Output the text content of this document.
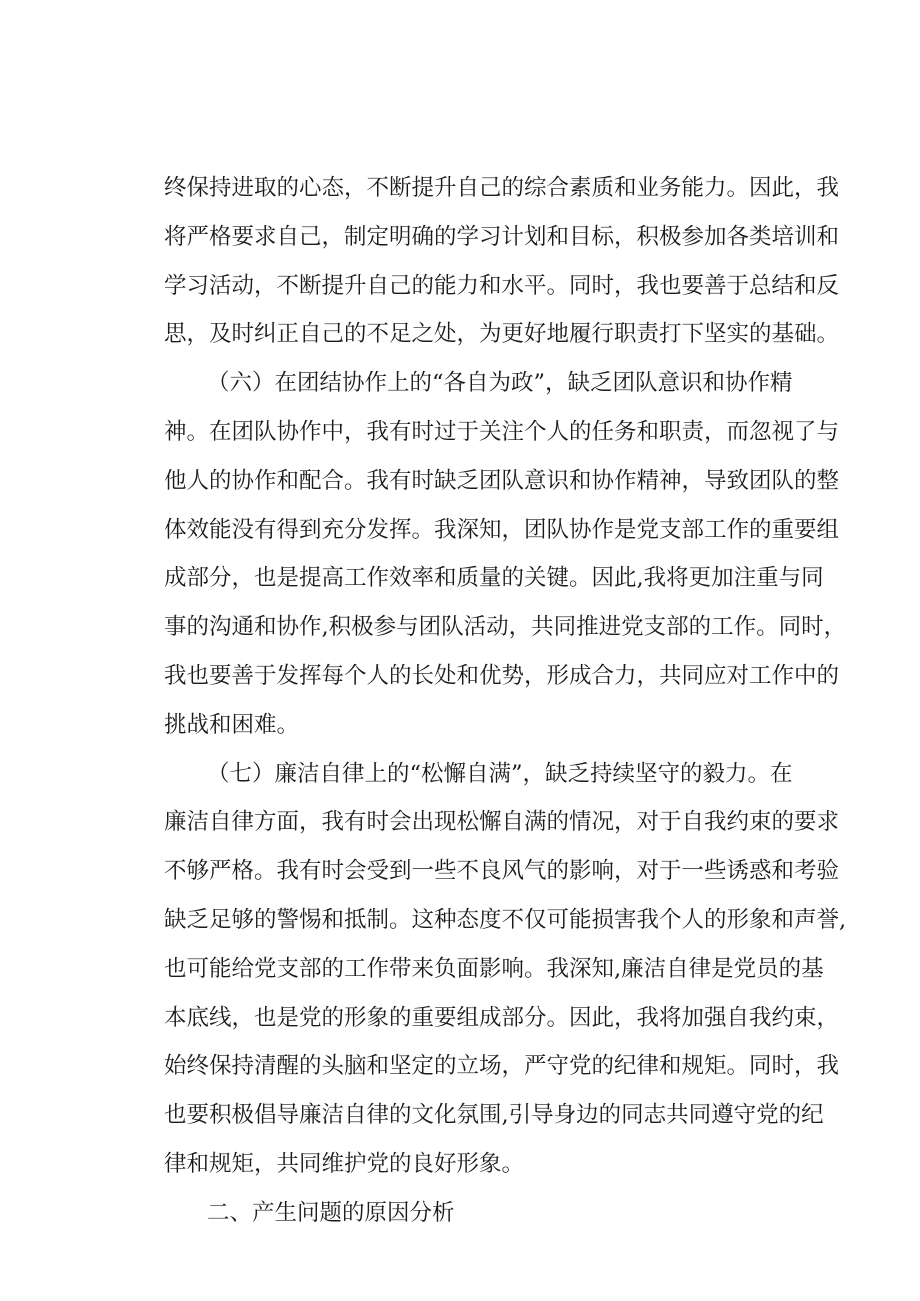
终保持进取的心态，不断提升自己的综合素质和业务能力。因此，我
将严格要求自己，制定明确的学习计划和目标，积极参加各类培训和
学习活动，不断提升自己的能力和水平。同时，我也要善于总结和反
思，及时纠正自己的不足之处，为更好地履行职责打下坚实的基础。
（六）在团结协作上的“各自为政”，缺乏团队意识和协作精
神。在团队协作中，我有时过于关注个人的任务和职责，而忽视了与
他人的协作和配合。我有时缺乏团队意识和协作精神，导致团队的整
体效能没有得到充分发挥。我深知，团队协作是党支部工作的重要组
成部分，也是提高工作效率和质量的关键。因此,我将更加注重与同
事的沟通和协作,积极参与团队活动，共同推进党支部的工作。同时，
我也要善于发挥每个人的长处和优势，形成合力，共同应对工作中的
挑战和困难。
（七）廉洁自律上的“松懈自满”，缺乏持续坚守的毅力。在
廉洁自律方面，我有时会出现松懈自满的情况，对于自我约束的要求
不够严格。我有时会受到一些不良风气的影响，对于一些诱惑和考验
缺乏足够的警惕和抵制。这种态度不仅可能损害我个人的形象和声誉,
也可能给党支部的工作带来负面影响。我深知,廉洁自律是党员的基
本底线，也是党的形象的重要组成部分。因此，我将加强自我约束，
始终保持清醒的头脑和坚定的立场，严守党的纪律和规矩。同时，我
也要积极倡导廉洁自律的文化氛围,引导身边的同志共同遵守党的纪
律和规矩，共同维护党的良好形象。
二、产生问题的原因分析
